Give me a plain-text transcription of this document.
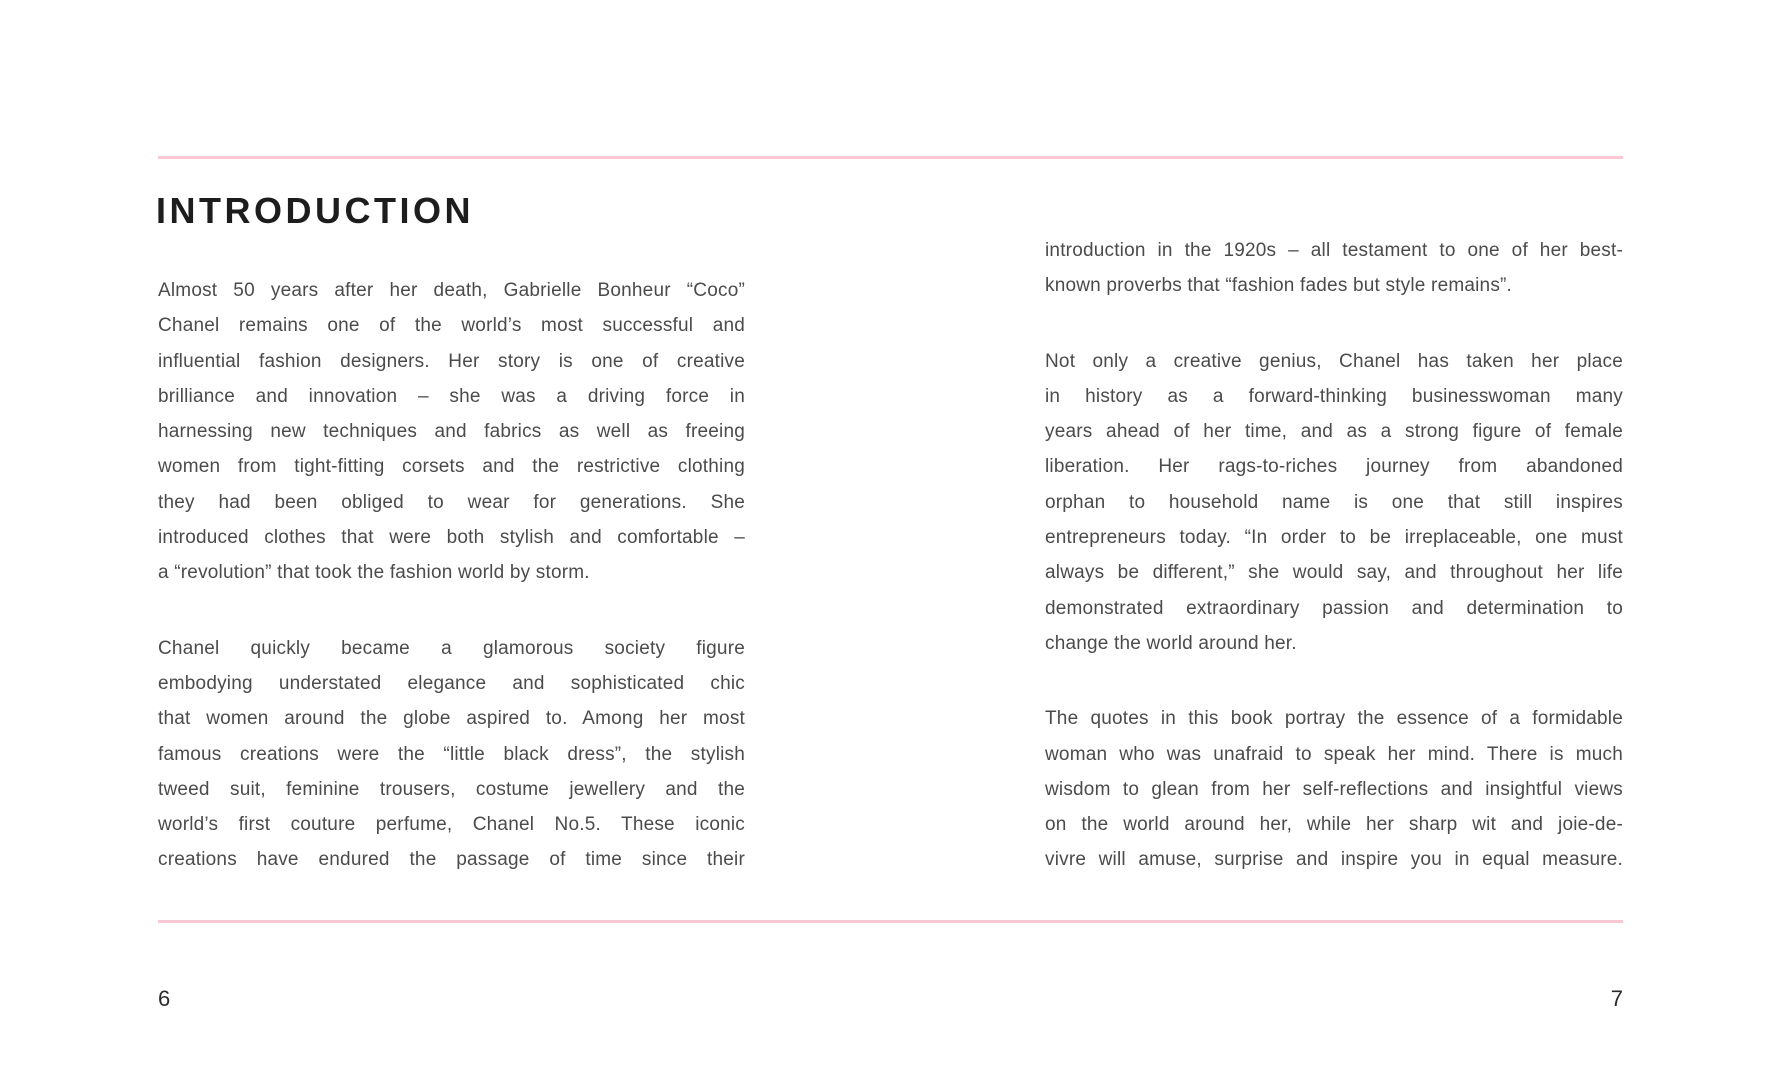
INTRODUCTION
Almost 50 years after her death, Gabrielle Bonheur “Coco”
Chanel remains one of the world’s most successful and
influential fashion designers. Her story is one of creative
brilliance and innovation – she was a driving force in
harnessing new techniques and fabrics as well as freeing
women from tight-fitting corsets and the restrictive clothing
they had been obliged to wear for generations. She
introduced clothes that were both stylish and comfortable –
a “revolution” that took the fashion world by storm.
Chanel quickly became a glamorous society figure
embodying understated elegance and sophisticated chic
that women around the globe aspired to. Among her most
famous creations were the “little black dress”, the stylish
tweed suit, feminine trousers, costume jewellery and the
world’s first couture perfume, Chanel No.5. These iconic
creations have endured the passage of time since their
introduction in the 1920s – all testament to one of her best-
known proverbs that “fashion fades but style remains”.
Not only a creative genius, Chanel has taken her place
in history as a forward-thinking businesswoman many
years ahead of her time, and as a strong figure of female
liberation. Her rags-to-riches journey from abandoned
orphan to household name is one that still inspires
entrepreneurs today. “In order to be irreplaceable, one must
always be different,” she would say, and throughout her life
demonstrated extraordinary passion and determination to
change the world around her.
The quotes in this book portray the essence of a formidable
woman who was unafraid to speak her mind. There is much
wisdom to glean from her self-reflections and insightful views
on the world around her, while her sharp wit and joie-de-
vivre will amuse, surprise and inspire you in equal measure.
6	7
